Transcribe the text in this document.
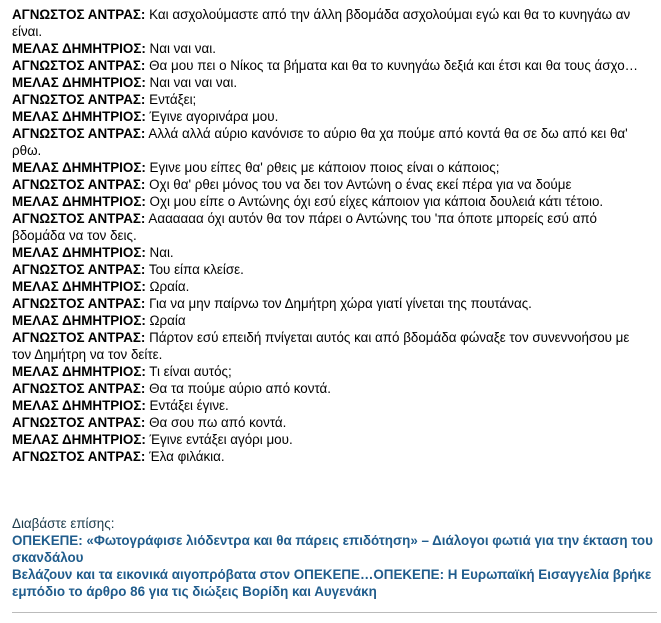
ΑΓΝΩΣΤΟΣ ΑΝΤΡΑΣ: Και ασχολούμαστε από την άλλη βδομάδα ασχολούμαι εγώ και θα το κυνηγάω αν είναι.
ΜΕΛΑΣ ΔΗΜΗΤΡΙΟΣ: Ναι ναι ναι.
ΑΓΝΩΣΤΟΣ ΑΝΤΡΑΣ: Θα μου πει ο Νίκος τα βήματα και θα το κυνηγάω δεξιά και έτσι και θα τους άσχο…
ΜΕΛΑΣ ΔΗΜΗΤΡΙΟΣ: Ναι ναι ναι ναι.
ΑΓΝΩΣΤΟΣ ΑΝΤΡΑΣ: Εντάξει;
ΜΕΛΑΣ ΔΗΜΗΤΡΙΟΣ: Έγινε αγορινάρα μου.
ΑΓΝΩΣΤΟΣ ΑΝΤΡΑΣ: Αλλά αλλά αύριο κανόνισε το αύριο θα χα πούμε από κοντά θα σε δω από κει θα' ρθω.
ΜΕΛΑΣ ΔΗΜΗΤΡΙΟΣ: Εγινε μου είπες θα' ρθεις με κάποιον ποιος είναι ο κάποιος;
ΑΓΝΩΣΤΟΣ ΑΝΤΡΑΣ: Οχι θα' ρθει μόνος του να δει τον Αντώνη ο ένας εκεί πέρα για να δούμε
ΜΕΛΑΣ ΔΗΜΗΤΡΙΟΣ: Οχι μου είπε ο Αντώνης όχι εσύ είχες κάποιον για κάποια δουλειά κάτι τέτοιο.
ΑΓΝΩΣΤΟΣ ΑΝΤΡΑΣ: Ααααααα όχι αυτόν θα τον πάρει ο Αντώνης του 'πα όποτε μπορείς εσύ από βδομάδα να τον δεις.
ΜΕΛΑΣ ΔΗΜΗΤΡΙΟΣ: Ναι.
ΑΓΝΩΣΤΟΣ ΑΝΤΡΑΣ: Του είπα κλείσε.
ΜΕΛΑΣ ΔΗΜΗΤΡΙΟΣ: Ωραία.
ΑΓΝΩΣΤΟΣ ΑΝΤΡΑΣ: Για να μην παίρνω τον Δημήτρη χώρα γιατί γίνεται της πουτάνας.
ΜΕΛΑΣ ΔΗΜΗΤΡΙΟΣ: Ωραία
ΑΓΝΩΣΤΟΣ ΑΝΤΡΑΣ: Πάρτον εσύ επειδή πνίγεται αυτός και από βδομάδα φώναξε τον συνεννοήσου με τον Δημήτρη να τον δείτε.
ΜΕΛΑΣ ΔΗΜΗΤΡΙΟΣ: Τι είναι αυτός;
ΑΓΝΩΣΤΟΣ ΑΝΤΡΑΣ: Θα τα πούμε αύριο από κοντά.
ΜΕΛΑΣ ΔΗΜΗΤΡΙΟΣ: Εντάξει έγινε.
ΑΓΝΩΣΤΟΣ ΑΝΤΡΑΣ: Θα σου πω από κοντά.
ΜΕΛΑΣ ΔΗΜΗΤΡΙΟΣ: Έγινε εντάξει αγόρι μου.
ΑΓΝΩΣΤΟΣ ΑΝΤΡΑΣ: Έλα φιλάκια.
Διαβάστε επίσης:
ΟΠΕΚΕΠΕ: «Φωτογράφισε λιόδεντρα και θα πάρεις επιδότηση» – Διάλογοι φωτιά για την έκταση του σκανδάλου
Βελάζουν και τα εικονικά αιγοπρόβατα στον ΟΠΕΚΕΠΕ…ΟΠΕΚΕΠΕ: Η Ευρωπαϊκή Εισαγγελία βρήκε εμπόδιο το άρθρο 86 για τις διώξεις Βορίδη και Αυγενάκη
